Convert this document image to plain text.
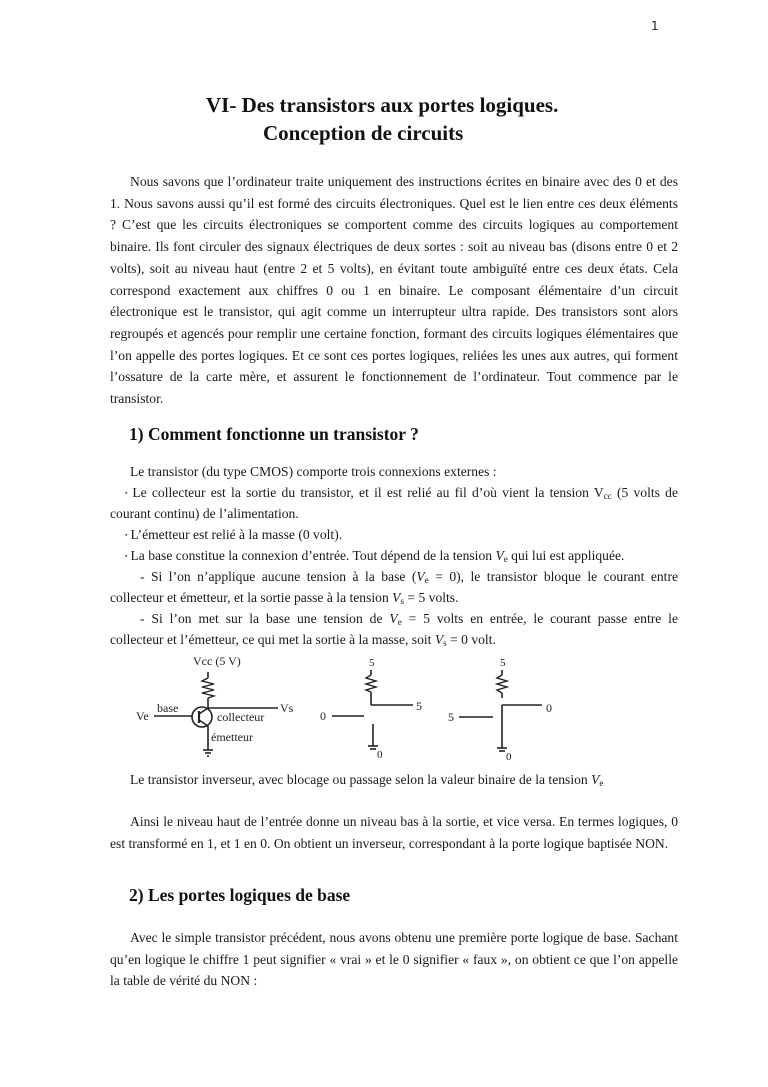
1
VI- Des transistors aux portes logiques.
Conception de circuits

Nous savons que l’ordinateur traite uniquement des instructions écrites en binaire avec des 0 et des 1. Nous savons aussi qu’il est formé des circuits électroniques. Quel est le lien entre ces deux éléments ? C’est que les circuits électroniques se comportent comme des circuits logiques au comportement binaire. Ils font circuler des signaux électriques de deux sortes : soit au niveau bas (disons entre 0 et 2 volts), soit au niveau haut (entre 2 et 5 volts), en évitant toute ambiguïté entre ces deux états. Cela correspond exactement aux chiffres 0 ou 1 en binaire. Le composant élémentaire d’un circuit électronique est le transistor, qui agit comme un interrupteur ultra rapide. Des transistors sont alors regroupés et agencés pour remplir une certaine fonction, formant des circuits logiques élémentaires que l’on appelle des portes logiques. Et ce sont ces portes logiques, reliées les unes aux autres, qui forment l’ossature de la carte mère, et assurent le fonctionnement de l’ordinateur. Tout commence par le transistor.

1) Comment fonctionne un transistor ?
Le transistor (du type CMOS) comporte trois connexions externes :
▪ Le collecteur est la sortie du transistor, et il est relié au fil d’où vient la tension $V_{cc}$ (5 volts de
courant continu) de l’alimentation.
▪ L’émetteur est relié à la masse (0 volt).
▪ La base constitue la connexion d’entrée. Tout dépend de la tension $V_e$ qui lui est appliquée.
- Si l’on n’applique aucune tension à la base $(V_e = 0)$, le transistor bloque le courant entre
collecteur et émetteur, et la sortie passe à la tension $V_s = 5$ volts.
- Si l’on met sur la base une tension de $V_e = 5$ volts en entrée, le courant passe entre le
collecteur et l’émetteur, ce qui met la sortie à la masse, soit $V_s = 0$ volt.
Vcc (5 V)
Ve
base
collecteur
Vs
émetteur
5
0
5
0
5
5
0
0
Le transistor inverseur, avec blocage ou passage selon la valeur binaire de la tension $V_e$

Ainsi le niveau haut de l’entrée donne un niveau bas à la sortie, et vice versa. En termes logiques, 0 est transformé en 1, et 1 en 0. On obtient un inverseur, correspondant à la porte logique baptisée NON.

2) Les portes logiques de base

Avec le simple transistor précédent, nous avons obtenu une première porte logique de base. Sachant qu’en logique le chiffre 1 peut signifier « vrai » et le 0 signifier « faux », on obtient ce que l’on appelle la table de vérité du NON :
